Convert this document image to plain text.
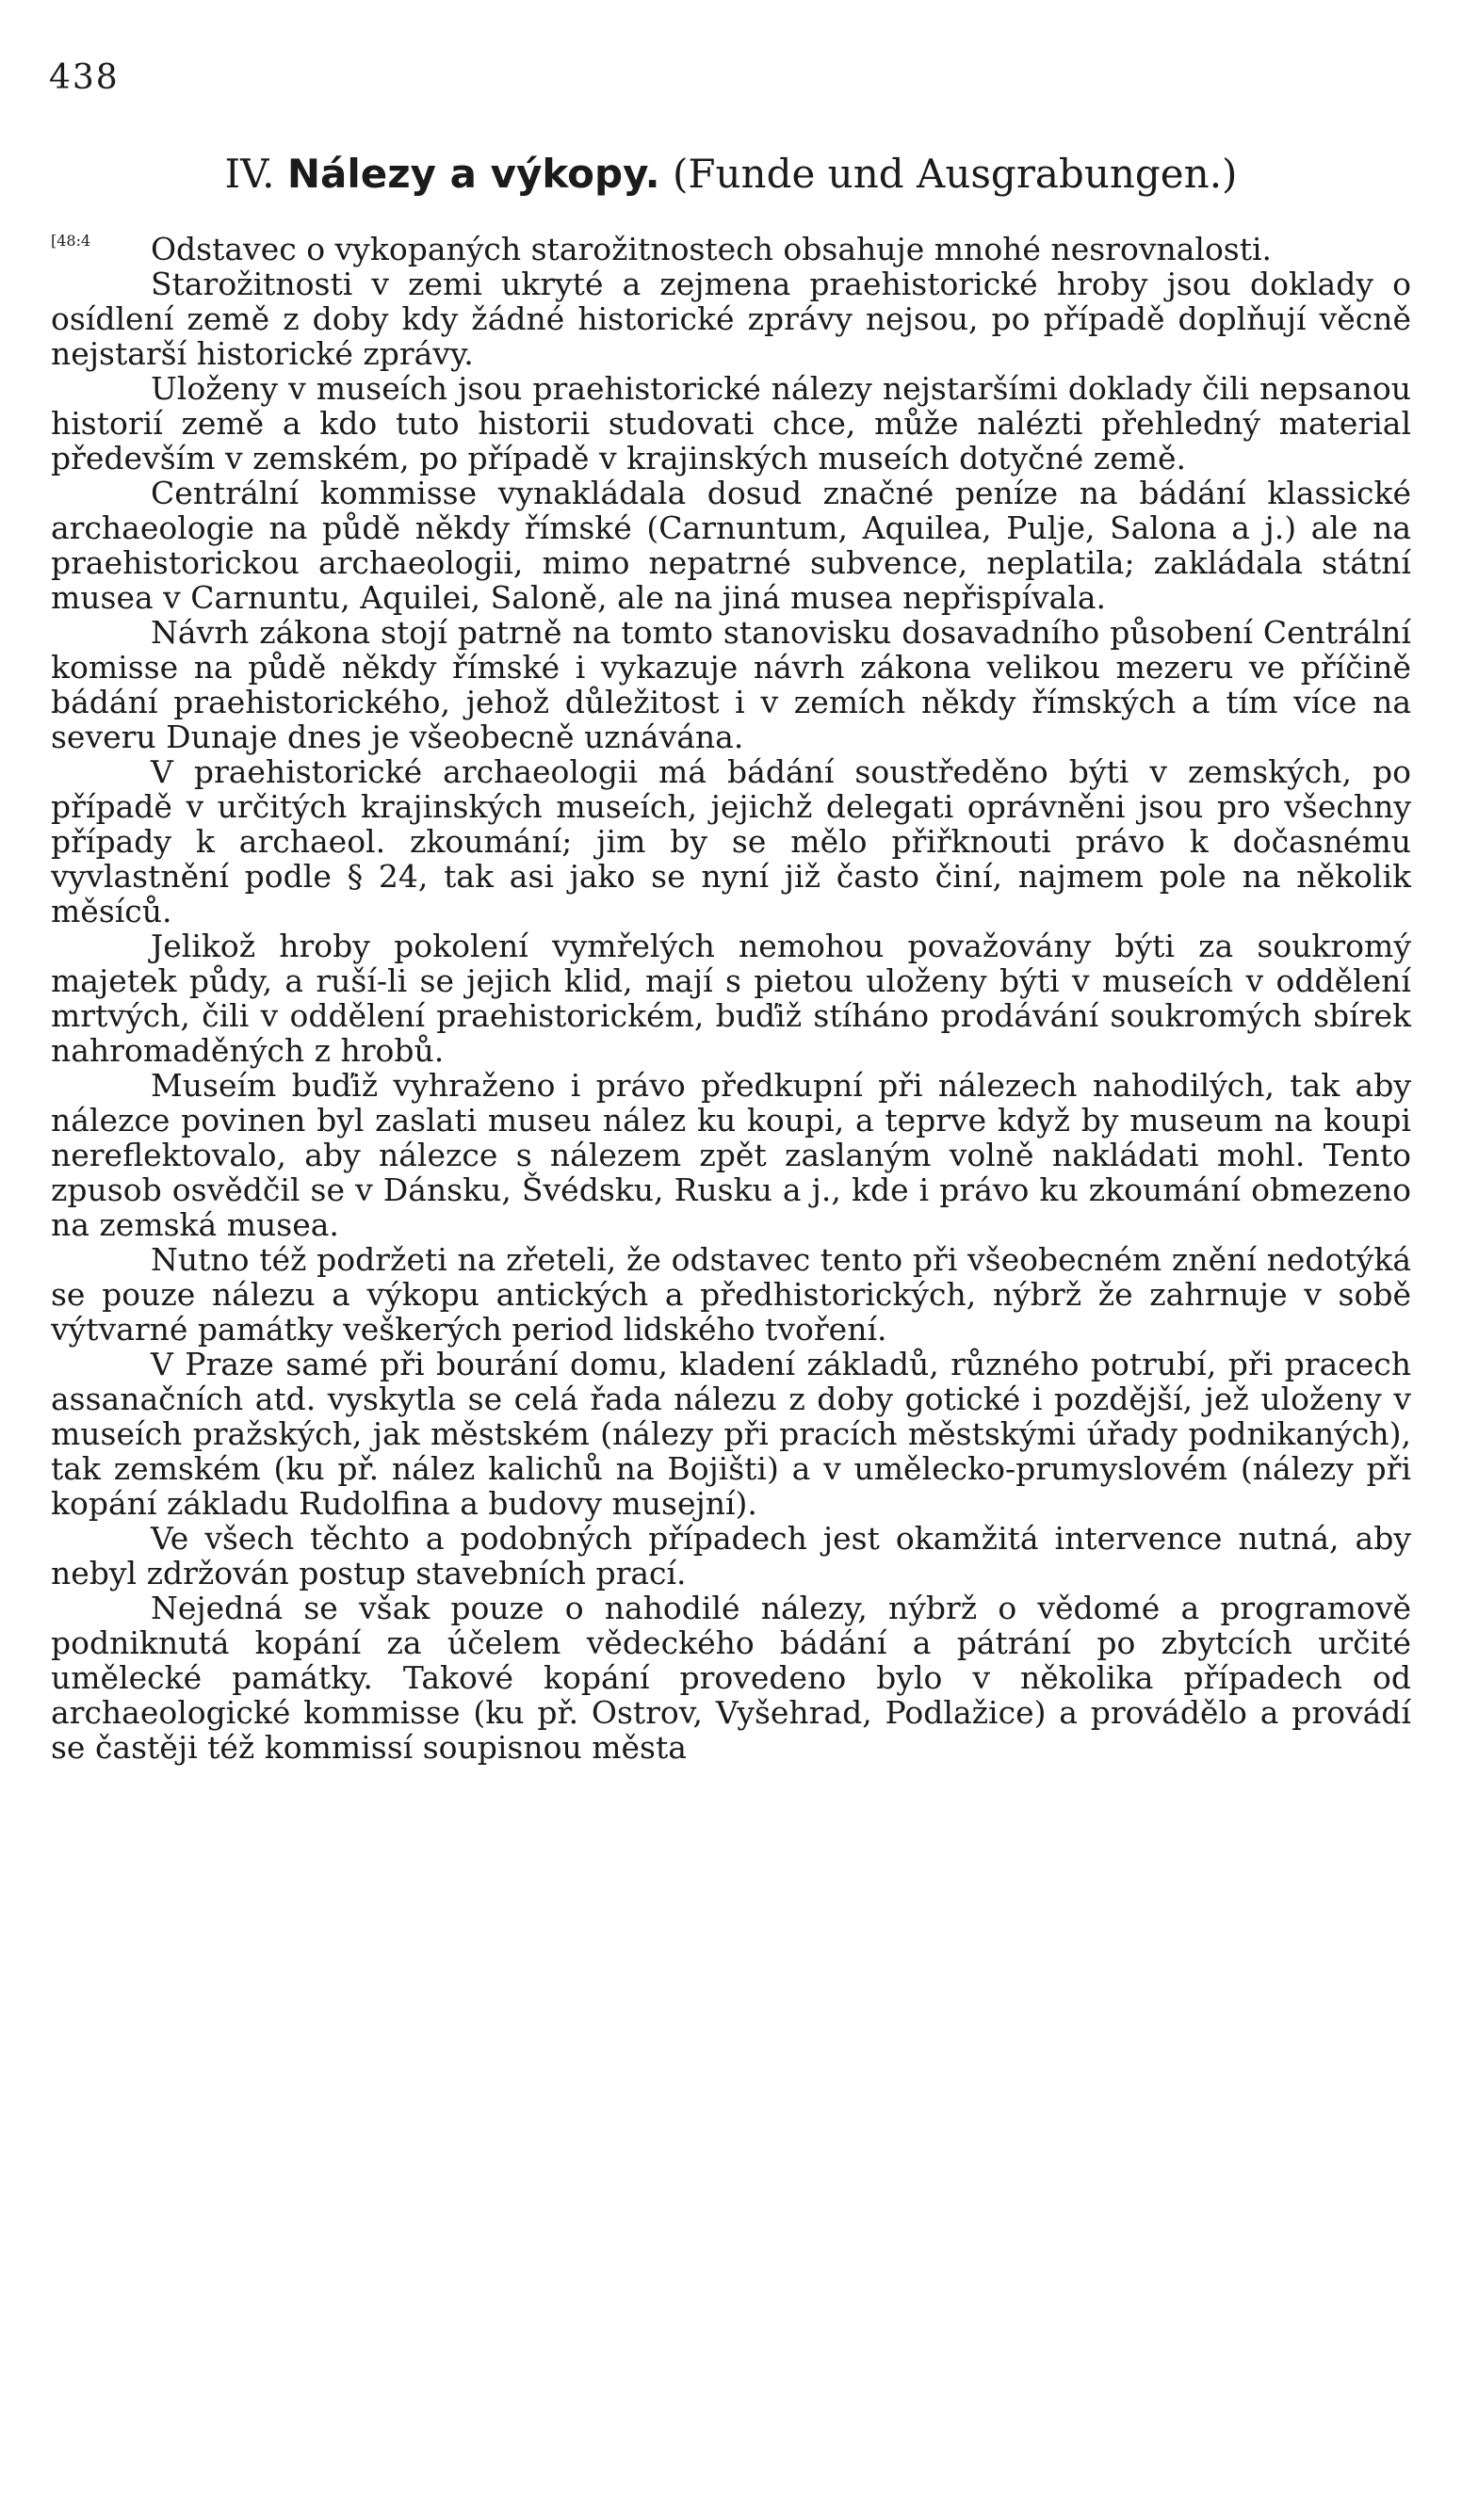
438
IV. Nálezy a výkopy. (Funde und Ausgrabungen.)

[48:4 Odstavec o vykopaných starožitnostech obsahuje mnohé nesrovnalosti.

Starožitnosti v zemi ukryté a zejmena praehistorické hroby jsou doklady o osídlení země z doby kdy žádné historické zprávy nejsou, po případě doplňují věcně nejstarší historické zprávy.

Uloženy v museích jsou praehistorické nálezy nejstaršími doklady čili nepsanou historií země a kdo tuto historii studovati chce, může nalézti přehledný material především v zemském, po případě v krajinských museích dotyčné země.

Centrální kommisse vynakládala dosud značné peníze na bádání klassické archaeologie na půdě někdy římské (Carnuntum, Aquilea, Pulje, Salona a j.) ale na praehistorickou archaeologii, mimo nepatrné subvence, neplatila; zakládala státní musea v Carnuntu, Aquilei, Saloně, ale na jiná musea nepřispívala.

Návrh zákona stojí patrně na tomto stanovisku dosavadního působení Centrální komisse na půdě někdy římské i vykazuje návrh zákona velikou mezeru ve příčině bádání praehistorického, jehož důležitost i v zemích někdy římských a tím více na severu Dunaje dnes je všeobecně uznávána.

V praehistorické archaeologii má bádání soustředěno býti v zemských, po případě v určitých krajinských museích, jejichž delegati oprávněni jsou pro všechny případy k archaeol. zkoumání; jim by se mělo přiřknouti právo k dočasnému vyvlastnění podle § 24, tak asi jako se nyní již často činí, najmem pole na několik měsíců.

Jelikož hroby pokolení vymřelých nemohou považovány býti za soukromý majetek půdy, a ruší-li se jejich klid, mají s pietou uloženy býti v museích v oddělení mrtvých, čili v oddělení praehistorickém, buďiž stíháno prodávání soukromých sbírek nahromaděných z hrobů.

Museím buďiž vyhraženo i právo předkupní při nálezech nahodilých, tak aby nálezce povinen byl zaslati museu nález ku koupi, a teprve když by museum na koupi nereflektovalo, aby nálezce s nálezem zpět zaslaným volně nakládati mohl. Tento zpusob osvědčil se v Dánsku, Švédsku, Rusku a j., kde i právo ku zkoumání obmezeno na zemská musea.

Nutno též podržeti na zřeteli, že odstavec tento při všeobecném znění nedotýká se pouze nálezu a výkopu antických a předhistorických, nýbrž že zahrnuje v sobě výtvarné památky veškerých period lidského tvoření.

V Praze samé při bourání domu, kladení základů, různého potrubí, při pracech assanačních atd. vyskytla se celá řada nálezu z doby gotické i pozdější, jež uloženy v museích pražských, jak městském (nálezy při pracích městskými úřady podnikaných), tak zemském (ku př. nález kalichů na Bojišti) a v umělecko-prumyslovém (nálezy při kopání základu Rudolfina a budovy musejní).

Ve všech těchto a podobných případech jest okamžitá intervence nutná, aby nebyl zdržován postup stavebních prací.

Nejedná se však pouze o nahodilé nálezy, nýbrž o vědomé a programově podniknutá kopání za účelem vědeckého bádání a pátrání po zbytcích určité umělecké památky. Takové kopání provedeno bylo v několika případech od archaeologické kommisse (ku př. Ostrov, Vyšehrad, Podlažice) a provádělo a provádí se častěji též kommissí soupisnou města
